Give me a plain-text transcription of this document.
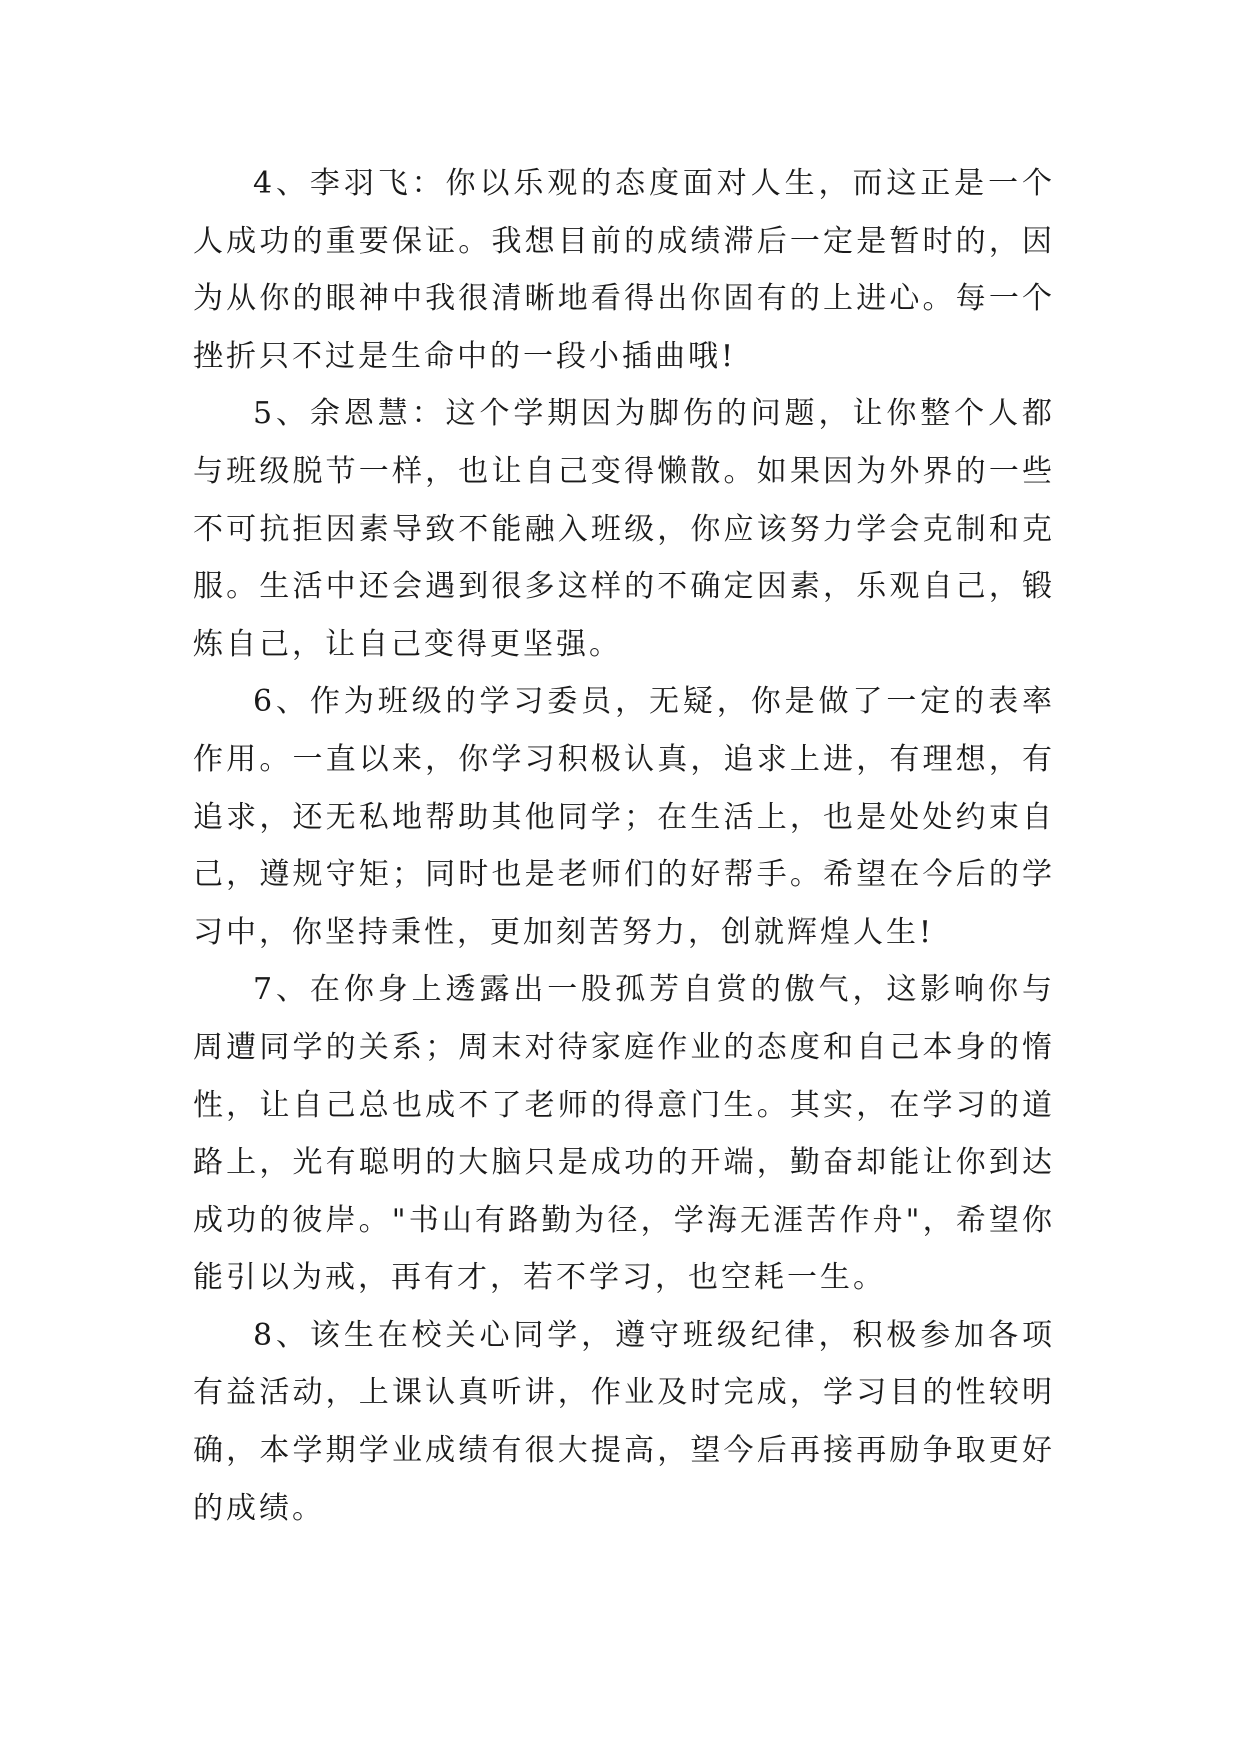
4、李羽飞：你以乐观的态度面对人生，而这正是一个人成功的重要保证。我想目前的成绩滞后一定是暂时的，因为从你的眼神中我很清晰地看得出你固有的上进心。每一个挫折只不过是生命中的一段小插曲哦!

5、余恩慧：这个学期因为脚伤的问题，让你整个人都与班级脱节一样，也让自己变得懒散。如果因为外界的一些不可抗拒因素导致不能融入班级，你应该努力学会克制和克服。生活中还会遇到很多这样的不确定因素，乐观自己，锻炼自己，让自己变得更坚强。

6、作为班级的学习委员，无疑，你是做了一定的表率作用。一直以来，你学习积极认真，追求上进，有理想，有追求，还无私地帮助其他同学；在生活上，也是处处约束自己，遵规守矩；同时也是老师们的好帮手。希望在今后的学习中，你坚持秉性，更加刻苦努力，创就辉煌人生!

7、在你身上透露出一股孤芳自赏的傲气，这影响你与周遭同学的关系；周末对待家庭作业的态度和自己本身的惰性，让自己总也成不了老师的得意门生。其实，在学习的道路上，光有聪明的大脑只是成功的开端，勤奋却能让你到达成功的彼岸。"书山有路勤为径，学海无涯苦作舟"，希望你能引以为戒，再有才，若不学习，也空耗一生。

8、该生在校关心同学，遵守班级纪律，积极参加各项有益活动，上课认真听讲，作业及时完成，学习目的性较明确，本学期学业成绩有很大提高，望今后再接再励争取更好的成绩。
